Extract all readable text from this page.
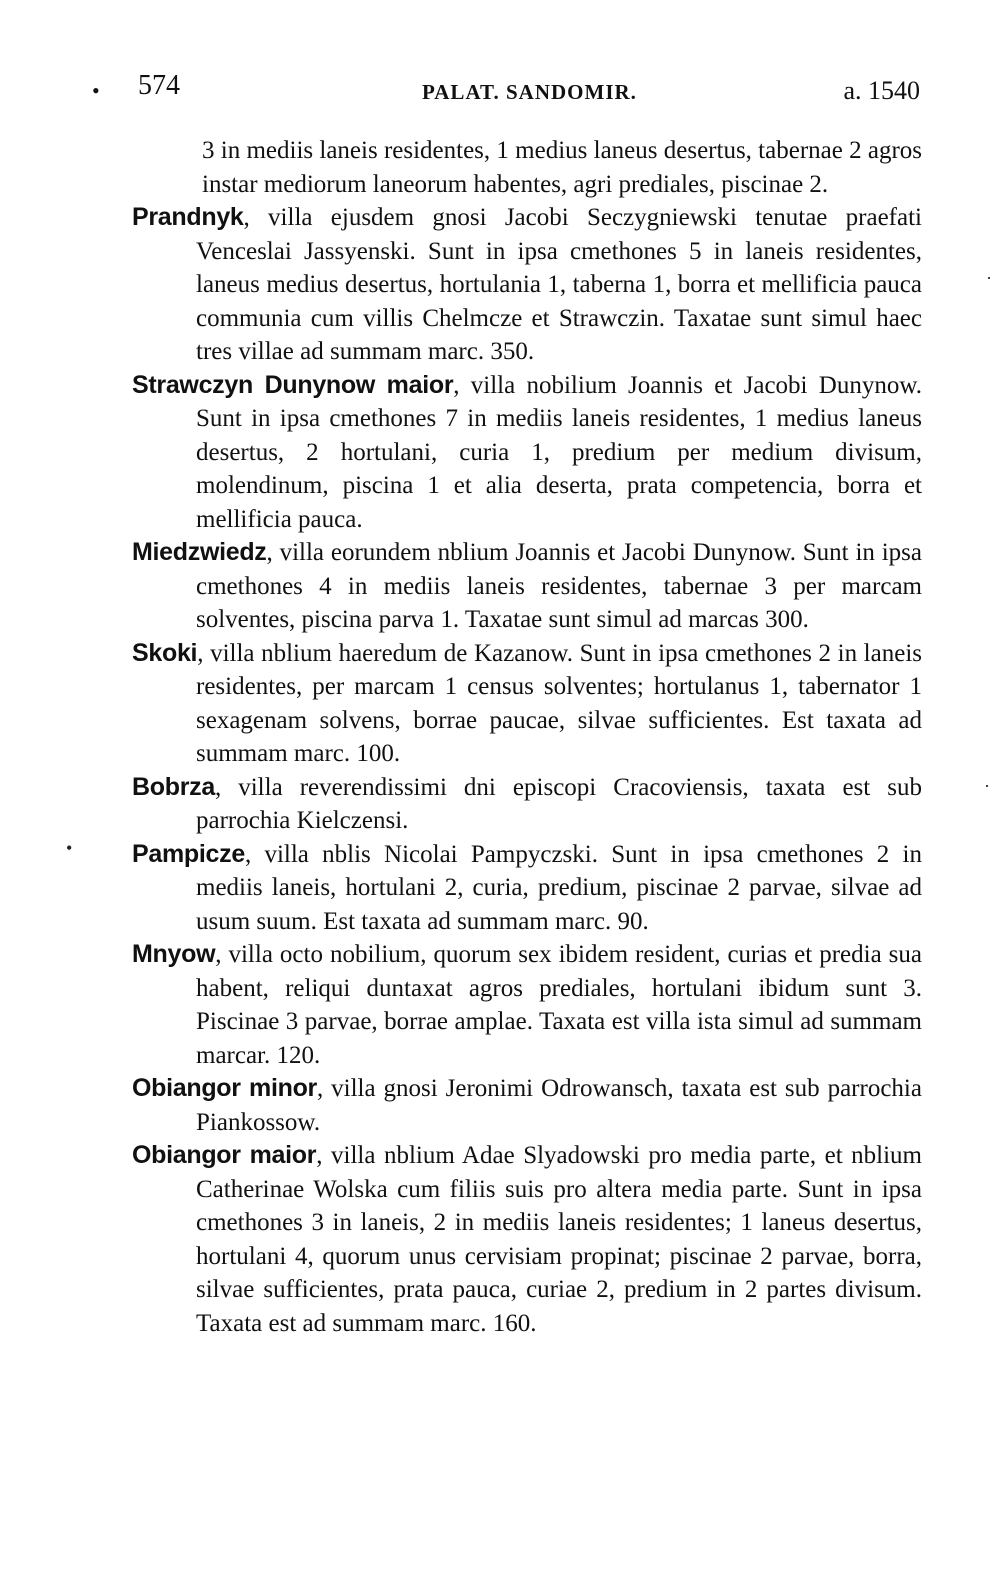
• 574	PALAT. SANDOMIR.	a. 1540

3 in mediis laneis residentes, 1 medius laneus desertus, tabernae 2 agros instar mediorum laneorum habentes, agri prediales, piscinae 2.

Prandnyk, villa ejusdem gnosi Jacobi Seczygniewski tenutae praefati Venceslai Jassyenski. Sunt in ipsa cmethones 5 in laneis residentes, laneus medius desertus, hortulania 1, taberna 1, borra et mellificia pauca communia cum villis Chelmcze et Strawczin. Taxatae sunt simul haec tres villae ad summam marc. 350.

Strawczyn Dunynow maior, villa nobilium Joannis et Jacobi Dunynow. Sunt in ipsa cmethones 7 in mediis laneis residentes, 1 medius laneus desertus, 2 hortulani, curia 1, predium per medium divisum, molendinum, piscina 1 et alia deserta, prata competencia, borra et mellificia pauca.

Miedzwiedz, villa eorundem nblium Joannis et Jacobi Dunynow. Sunt in ipsa cmethones 4 in mediis laneis residentes, tabernae 3 per marcam solventes, piscina parva 1. Taxatae sunt simul ad marcas 300.

Skoki, villa nblium haeredum de Kazanow. Sunt in ipsa cmethones 2 in laneis residentes, per marcam 1 census solventes; hortulanus 1, tabernator 1 sexagenam solvens, borrae paucae, silvae sufficientes. Est taxata ad summam marc. 100.

Bobrza, villa reverendissimi dni episcopi Cracoviensis, taxata est sub parrochia Kielczensi.

Pampicze, villa nblis Nicolai Pampyczski. Sunt in ipsa cmethones 2 in mediis laneis, hortulani 2, curia, predium, piscinae 2 parvae, silvae ad usum suum. Est taxata ad summam marc. 90.

Mnyow, villa octo nobilium, quorum sex ibidem resident, curias et predia sua habent, reliqui duntaxat agros prediales, hortulani ibidum sunt 3. Piscinae 3 parvae, borrae amplae. Taxata est villa ista simul ad summam marcar. 120.

Obiangor minor, villa gnosi Jeronimi Odrowansch, taxata est sub parrochia Piankossow.

Obiangor maior, villa nblium Adae Slyadowski pro media parte, et nblium Catherinae Wolska cum filiis suis pro altera media parte. Sunt in ipsa cmethones 3 in laneis, 2 in mediis laneis residentes; 1 laneus desertus, hortulani 4, quorum unus cervisiam propinat; piscinae 2 parvae, borra, silvae sufficientes, prata pauca, curiae 2, predium in 2 partes divisum. Taxata est ad summam marc. 160.

•
·
·
